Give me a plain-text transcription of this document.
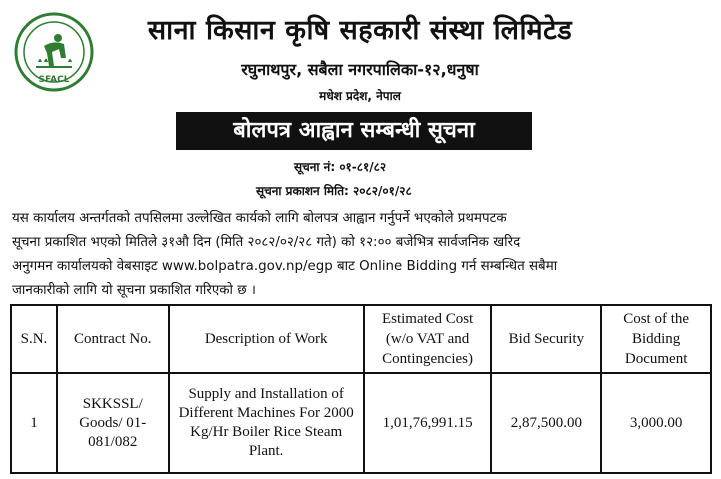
SFACL
साना किसान कृषि सहकारी संस्था लिमिटेड
रघुनाथपुर, सबैला नगरपालिका-१२,धनुषा
मधेश प्रदेश, नेपाल
बोलपत्र आह्वान सम्बन्धी सूचना
सूचना नं: ०१-८१/८२
सूचना प्रकाशन मिति: २०८२/०१/२८
यस कार्यालय अन्तर्गतको तपसिलमा उल्लेखित कार्यको लागि बोलपत्र आह्वान गर्नुपर्ने भएकोले प्रथमपटक
सूचना प्रकाशित भएको मितिले ३१औ दिन (मिति २०८२/०२/२८ गते) को १२:०० बजेभित्र सार्वजनिक खरिद
अनुगमन कार्यालयको वेबसाइट www.bolpatra.gov.np/egp बाट Online Bidding गर्न सम्बन्धित सबैमा
जानकारीको लागि यो सूचना प्रकाशित गरिएको छ ।
S.N.	Contract No.	Description of Work	Estimated Cost (w/o VAT and Contingencies)	Bid Security	Cost of the Bidding Document
1	SKKSSL/ Goods/ 01-081/082	Supply and Installation of Different Machines For 2000 Kg/Hr Boiler Rice Steam Plant.	1,01,76,991.15	2,87,500.00	3,000.00
